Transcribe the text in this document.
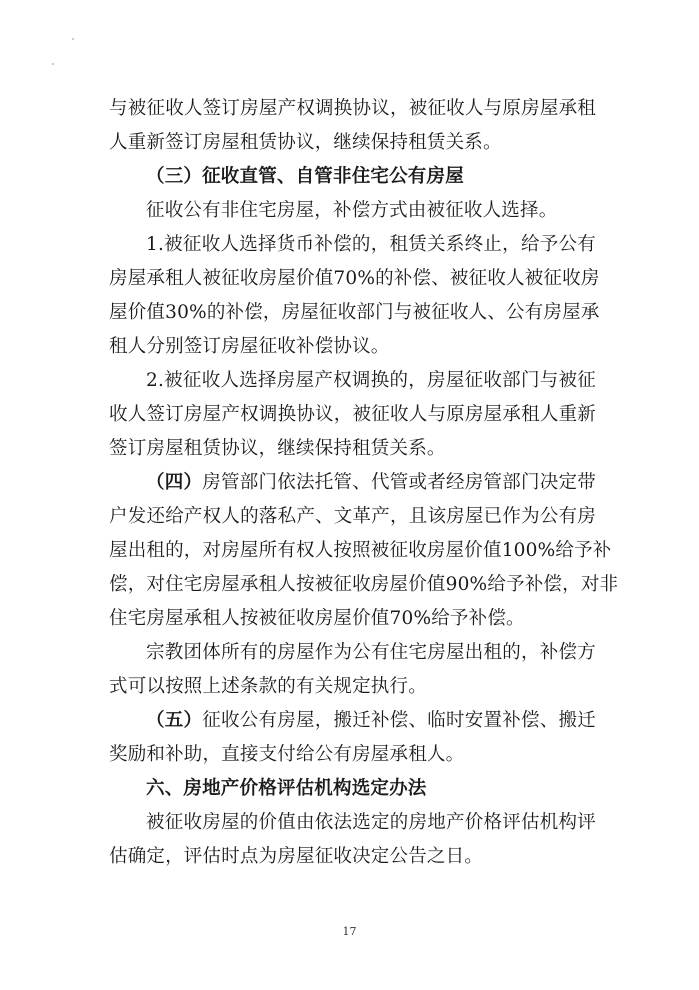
与被征收人签订房屋产权调换协议，被征收人与原房屋承租
人重新签订房屋租赁协议，继续保持租赁关系。
（三）征收直管、自管非住宅公有房屋
征收公有非住宅房屋，补偿方式由被征收人选择。
1.被征收人选择货币补偿的，租赁关系终止，给予公有
房屋承租人被征收房屋价值70%的补偿、被征收人被征收房
屋价值30%的补偿，房屋征收部门与被征收人、公有房屋承
租人分别签订房屋征收补偿协议。
2.被征收人选择房屋产权调换的，房屋征收部门与被征
收人签订房屋产权调换协议，被征收人与原房屋承租人重新
签订房屋租赁协议，继续保持租赁关系。
（四）房管部门依法托管、代管或者经房管部门决定带
户发还给产权人的落私产、文革产，且该房屋已作为公有房
屋出租的，对房屋所有权人按照被征收房屋价值100%给予补
偿，对住宅房屋承租人按被征收房屋价值90%给予补偿，对非
住宅房屋承租人按被征收房屋价值70%给予补偿。
宗教团体所有的房屋作为公有住宅房屋出租的，补偿方
式可以按照上述条款的有关规定执行。
（五）征收公有房屋，搬迁补偿、临时安置补偿、搬迁
奖励和补助，直接支付给公有房屋承租人。
六、房地产价格评估机构选定办法
被征收房屋的价值由依法选定的房地产价格评估机构评
估确定，评估时点为房屋征收决定公告之日。
17
